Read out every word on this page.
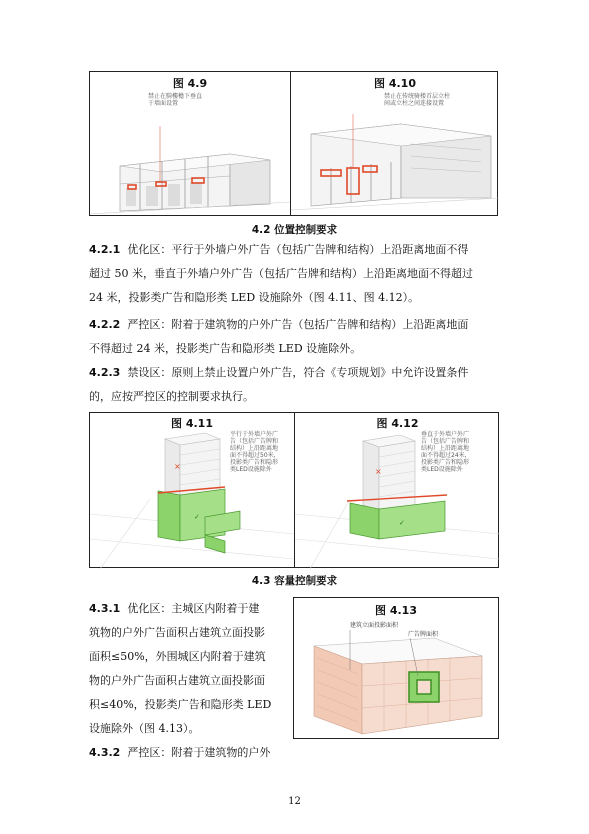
图 4.9
禁止在騎樓檐下垂直
于墙面设置
图 4.10
禁止在传统骑楼首层立柱
间或立柱之间连接设置
4.2 位置控制要求
4.2.1 优化区：平行于外墙户外广告（包括广告牌和结构）上沿距离地面不得
超过 50 米，垂直于外墙户外广告（包括广告牌和结构）上沿距离地面不得超过
24 米，投影类广告和隐形类 LED 设施除外（图 4.11、图 4.12）。
4.2.2 严控区：附着于建筑物的户外广告（包括广告牌和结构）上沿距离地面
不得超过 24 米，投影类广告和隐形类 LED 设施除外。
4.2.3 禁设区：原则上禁止设置户外广告，符合《专项规划》中允许设置条件
的，应按严控区的控制要求执行。
图 4.11
平行于外墙户外广
告（包括广告牌和
结构）上沿距离地
面不得超过50米，
投影类广告和隐形
类LED设施除外
×
✓
图 4.12
垂直于外墙户外广
告（包括广告牌和
结构）上沿距离地
面不得超过24米，
投影类广告和隐形
类LED设施除外
×
✓
4.3 容量控制要求
4.3.1 优化区：主城区内附着于建
筑物的户外广告面积占建筑立面投影
面积≤50%，外围城区内附着于建筑
物的户外广告面积占建筑立面投影面
积≤40%，投影类广告和隐形类 LED
设施除外（图 4.13）。
4.3.2 严控区：附着于建筑物的户外
图 4.13
建筑立面投影面积
广告牌面积
12
